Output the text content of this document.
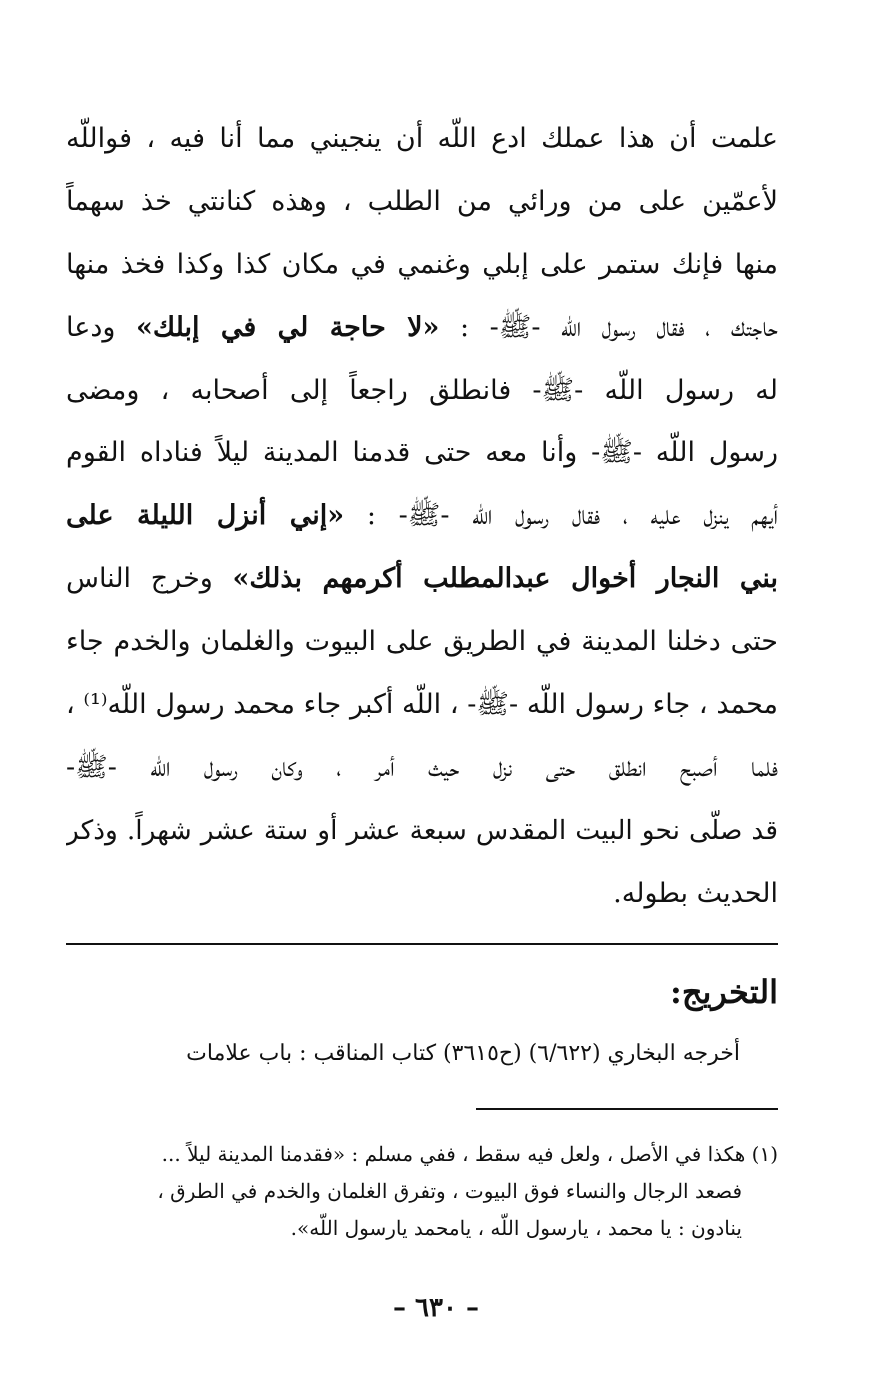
علمت أن هذا عملك ادع اللّه أن ينجيني مما أنا فيه ، فواللّه
لأعمّين على من ورائي من الطلب ، وهذه كنانتي خذ سهماً
منها فإنك ستمر على إبلي وغنمي في مكان كذا وكذا فخذ منها
حاجتك ، فقال رسول اللّه -ﷺ- : «لا حاجة لي في إبلك» ودعا
له رسول اللّه -ﷺ- فانطلق راجعاً إلى أصحابه ، ومضى
رسول اللّه -ﷺ- وأنا معه حتى قدمنا المدينة ليلاً فناداه القوم
أيهم ينزل عليه ، فقال رسول اللّه -ﷺ- : «إني أنزل الليلة على
بني النجار أخوال عبدالمطلب أكرمهم بذلك» وخرج الناس
حتى دخلنا المدينة في الطريق على البيوت والغلمان والخدم جاء
محمد ، جاء رسول اللّه -ﷺ- ، اللّه أكبر جاء محمد رسول اللّه⁽¹⁾ ،
فلما أصبح انطلق حتى نزل حيث أمر ، وكان رسول اللّه -ﷺ-
قد صلّى نحو البيت المقدس سبعة عشر أو ستة عشر شهراً. وذكر
الحديث بطوله.
التخريج:
أخرجه البخاري (٦/٦٢٢) (ح٣٦١٥) كتاب المناقب : باب علامات
(١) هكذا في الأصل ، ولعل فيه سقط ، ففي مسلم : «فقدمنا المدينة ليلاً ...
فصعد الرجال والنساء فوق البيوت ، وتفرق الغلمان والخدم في الطرق ،
ينادون : يا محمد ، يارسول اللّه ، يامحمد يارسول اللّه».
– ٦٣٠ –
